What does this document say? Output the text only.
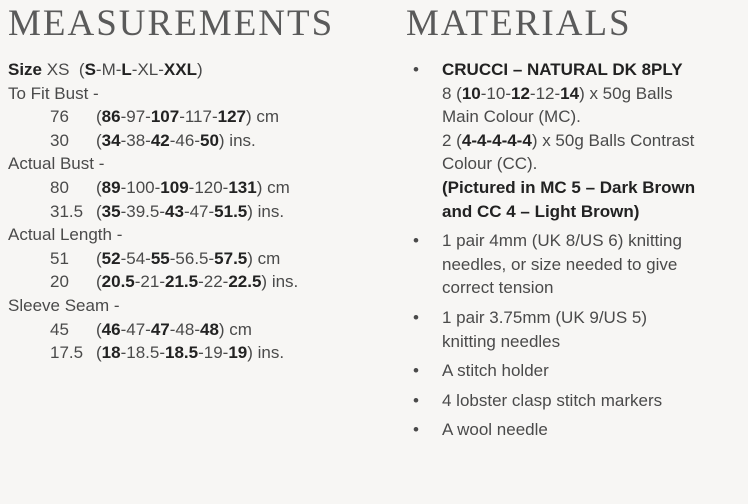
MEASUREMENTS
Size XS  (S-M-L-XL-XXL)
To Fit Bust -
76 (86-97-107-117-127) cm
30 (34-38-42-46-50) ins.
Actual Bust -
80 (89-100-109-120-131) cm
31.5 (35-39.5-43-47-51.5) ins.
Actual Length -
51 (52-54-55-56.5-57.5) cm
20 (20.5-21-21.5-22-22.5) ins.
Sleeve Seam -
45 (46-47-47-48-48) cm
17.5 (18-18.5-18.5-19-19) ins.
MATERIALS
•	CRUCCI – NATURAL DK 8PLY
8 (10-10-12-12-14) x 50g Balls
Main Colour (MC).
2 (4-4-4-4-4) x 50g Balls Contrast
Colour (CC).
(Pictured in MC 5 – Dark Brown
and CC 4 – Light Brown)
•	1 pair 4mm (UK 8/US 6) knitting
needles, or size needed to give
correct tension
•	1 pair 3.75mm (UK 9/US 5)
knitting needles
•	A stitch holder
•	4 lobster clasp stitch markers
•	A wool needle
